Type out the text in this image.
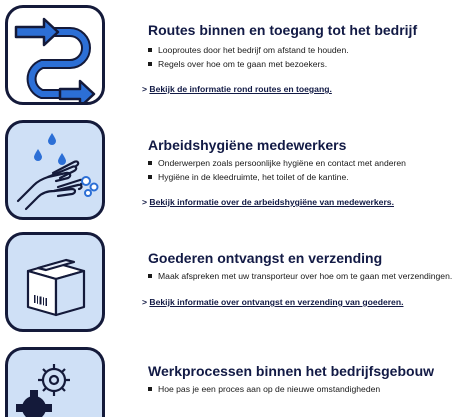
Routes binnen en toegang tot het bedrijf
Looproutes door het bedrijf om afstand te houden.
Regels over hoe om te gaan met bezoekers.
> Bekijk de informatie rond routes en toegang.
Arbeidshygiëne medewerkers
Onderwerpen zoals persoonlijke hygiëne en contact met anderen
Hygiëne in de kleedruimte, het toilet of de kantine.
> Bekijk informatie over de arbeidshygiëne van medewerkers.
Goederen ontvangst en verzending
Maak afspreken met uw transporteur over hoe om te gaan met verzendingen.
> Bekijk informatie over ontvangst en verzending van goederen.
Werkprocessen binnen het bedrijfsgebouw
Hoe pas je een proces aan op de nieuwe omstandigheden
